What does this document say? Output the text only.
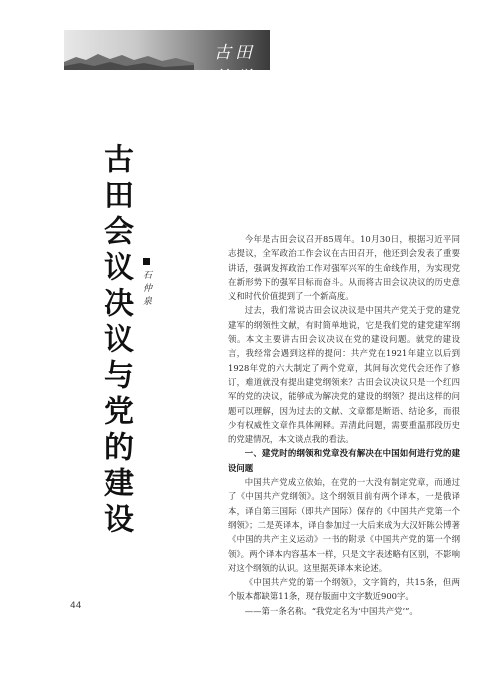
古田笔学
古田会议决议与党的建设 石仲泉

今年是古田会议召开85周年。10月30日，根据习近平同志提议，全军政治工作会议在古田召开，他还到会发表了重要讲话，强调发挥政治工作对强军兴军的生命线作用，为实现党在新形势下的强军目标而奋斗。从而将古田会议决议的历史意义和时代价值提到了一个新高度。

过去，我们常说古田会议决议是中国共产党关于党的建党建军的纲领性文献，有时简单地说，它是我们党的建党建军纲领。本文主要讲古田会议决议在党的建设问题。就党的建设言，我经常会遇到这样的提问：共产党在1921年建立以后到1928年党的六大制定了两个党章，其间每次党代会还作了修订，难道就没有提出建党纲领来？古田会议决议只是一个红四军的党的决议，能够成为解决党的建设的纲领？提出这样的问题可以理解，因为过去的文献、文章都是断语、结论多，而很少有权威性文章作具体阐释。弄清此问题，需要重温那段历史的党建情况，本文谈点我的看法。

一、建党时的纲领和党章没有解决在中国如何进行党的建设问题

中国共产党成立依始，在党的一大没有制定党章，而通过了《中国共产党纲领》。这个纲领目前有两个译本，一是俄译本，译自第三国际（即共产国际）保存的《中国共产党第一个纲领》；二是英译本，译自参加过一大后来成为大汉奸陈公博著《中国的共产主义运动》一书的附录《中国共产党的第一个纲领》。两个译本内容基本一样，只是文字表述略有区别，不影响对这个纲领的认识。这里据英译本来论述。

《中国共产党的第一个纲领》，文字简约，共15条，但两个版本都缺第11条，现存版面中文字数近900字。

——第一条名称。“我党定名为‘中国共产党’”。

44
